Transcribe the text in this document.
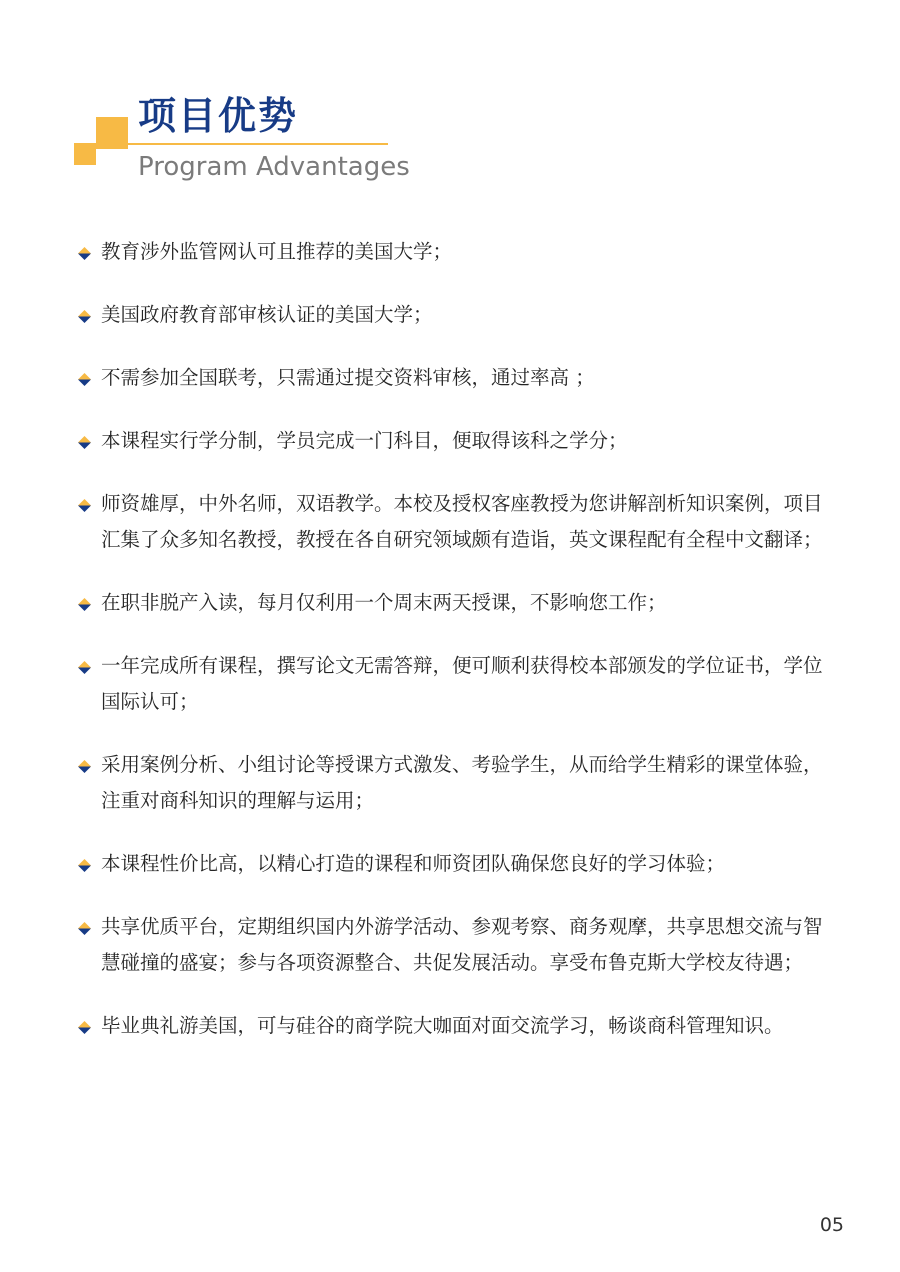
项目优势

Program Advantages

教育涉外监管网认可且推荐的美国大学；
美国政府教育部审核认证的美国大学；
不需参加全国联考，只需通过提交资料审核，通过率高 ；
本课程实行学分制，学员完成一门科目，便取得该科之学分；
师资雄厚，中外名师，双语教学。本校及授权客座教授为您讲解剖析知识案例，项目汇集了众多知名教授，教授在各自研究领域颇有造诣，英文课程配有全程中文翻译；
在职非脱产入读，每月仅利用一个周末两天授课，不影响您工作；
一年完成所有课程，撰写论文无需答辩，便可顺利获得校本部颁发的学位证书，学位国际认可；
采用案例分析、小组讨论等授课方式激发、考验学生，从而给学生精彩的课堂体验，注重对商科知识的理解与运用；
本课程性价比高，以精心打造的课程和师资团队确保您良好的学习体验；
共享优质平台，定期组织国内外游学活动、参观考察、商务观摩，共享思想交流与智慧碰撞的盛宴；参与各项资源整合、共促发展活动。享受布鲁克斯大学校友待遇；
毕业典礼游美国，可与硅谷的商学院大咖面对面交流学习，畅谈商科管理知识。
05
